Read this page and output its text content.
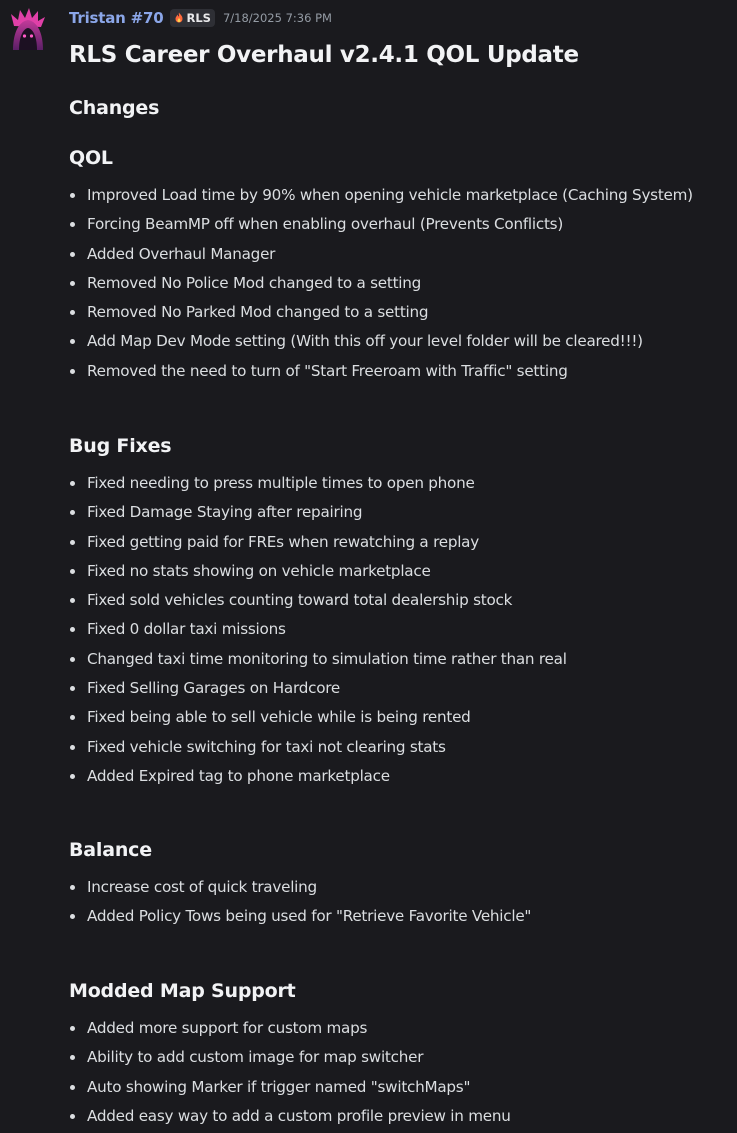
Tristan #70 RLS 7/18/2025 7:36 PM
RLS Career Overhaul v2.4.1 QOL Update
Changes
QOL
Improved Load time by 90% when opening vehicle marketplace (Caching System)
Forcing BeamMP off when enabling overhaul (Prevents Conflicts)
Added Overhaul Manager
Removed No Police Mod changed to a setting
Removed No Parked Mod changed to a setting
Add Map Dev Mode setting (With this off your level folder will be cleared!!!)
Removed the need to turn of "Start Freeroam with Traffic" setting
Bug Fixes
Fixed needing to press multiple times to open phone
Fixed Damage Staying after repairing
Fixed getting paid for FREs when rewatching a replay
Fixed no stats showing on vehicle marketplace
Fixed sold vehicles counting toward total dealership stock
Fixed 0 dollar taxi missions
Changed taxi time monitoring to simulation time rather than real
Fixed Selling Garages on Hardcore
Fixed being able to sell vehicle while is being rented
Fixed vehicle switching for taxi not clearing stats
Added Expired tag to phone marketplace
Balance
Increase cost of quick traveling
Added Policy Tows being used for "Retrieve Favorite Vehicle"
Modded Map Support
Added more support for custom maps
Ability to add custom image for map switcher
Auto showing Marker if trigger named "switchMaps"
Added easy way to add a custom profile preview in menu
